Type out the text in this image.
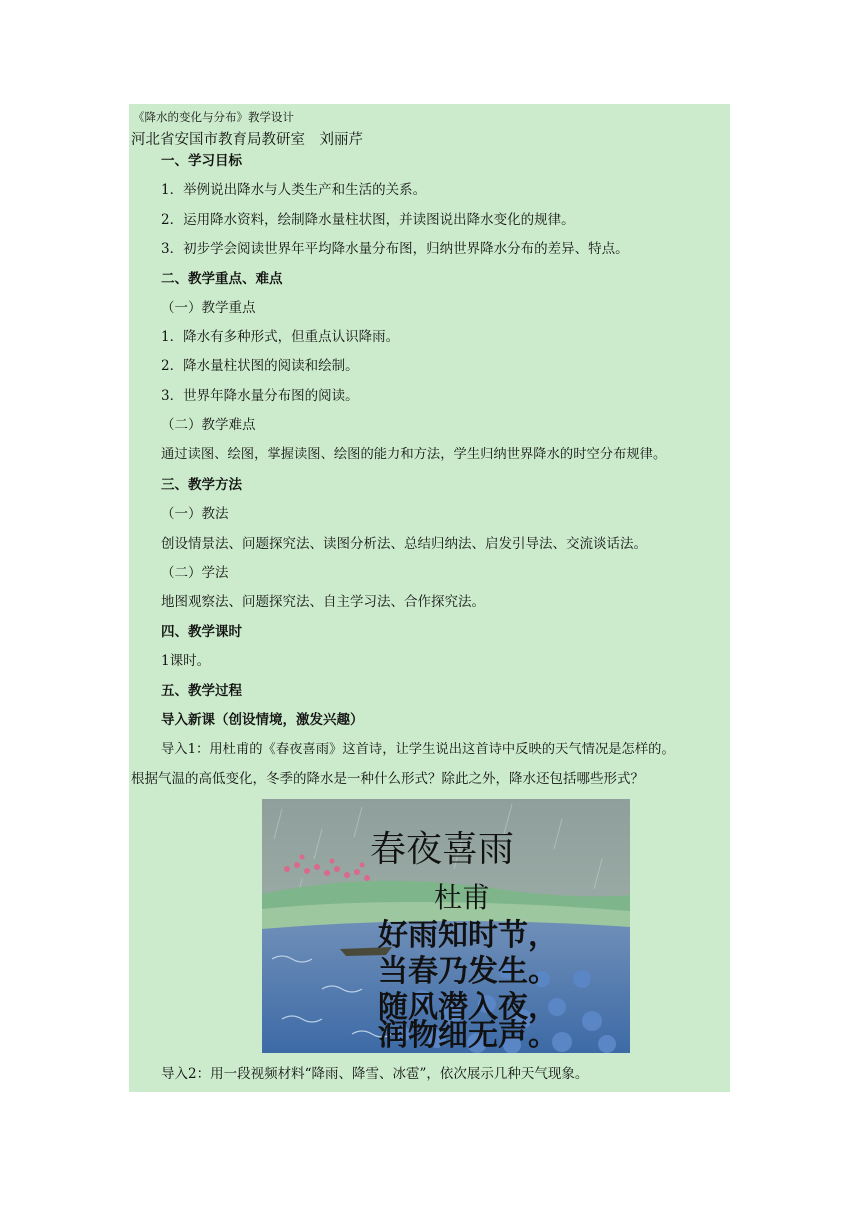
《降水的变化与分布》教学设计
河北省安国市教育局教研室　刘丽芹
一、学习目标
1．举例说出降水与人类生产和生活的关系。
2．运用降水资料，绘制降水量柱状图，并读图说出降水变化的规律。
3．初步学会阅读世界年平均降水量分布图，归纳世界降水分布的差异、特点。
二、教学重点、难点
（一）教学重点
1．降水有多种形式，但重点认识降雨。
2．降水量柱状图的阅读和绘制。
3．世界年降水量分布图的阅读。
（二）教学难点
通过读图、绘图，掌握读图、绘图的能力和方法，学生归纳世界降水的时空分布规律。
三、教学方法
（一）教法
创设情景法、问题探究法、读图分析法、总结归纳法、启发引导法、交流谈话法。
（二）学法
地图观察法、问题探究法、自主学习法、合作探究法。
四、教学课时
1课时。
五、教学过程
导入新课（创设情境，激发兴趣）
导入1：用杜甫的《春夜喜雨》这首诗，让学生说出这首诗中反映的天气情况是怎样的。
根据气温的高低变化，冬季的降水是一种什么形式？除此之外，降水还包括哪些形式？
春夜喜雨
杜甫
好雨知时节，
当春乃发生。
随风潜入夜，
润物细无声。
导入2：用一段视频材料“降雨、降雪、冰雹”，依次展示几种天气现象。
